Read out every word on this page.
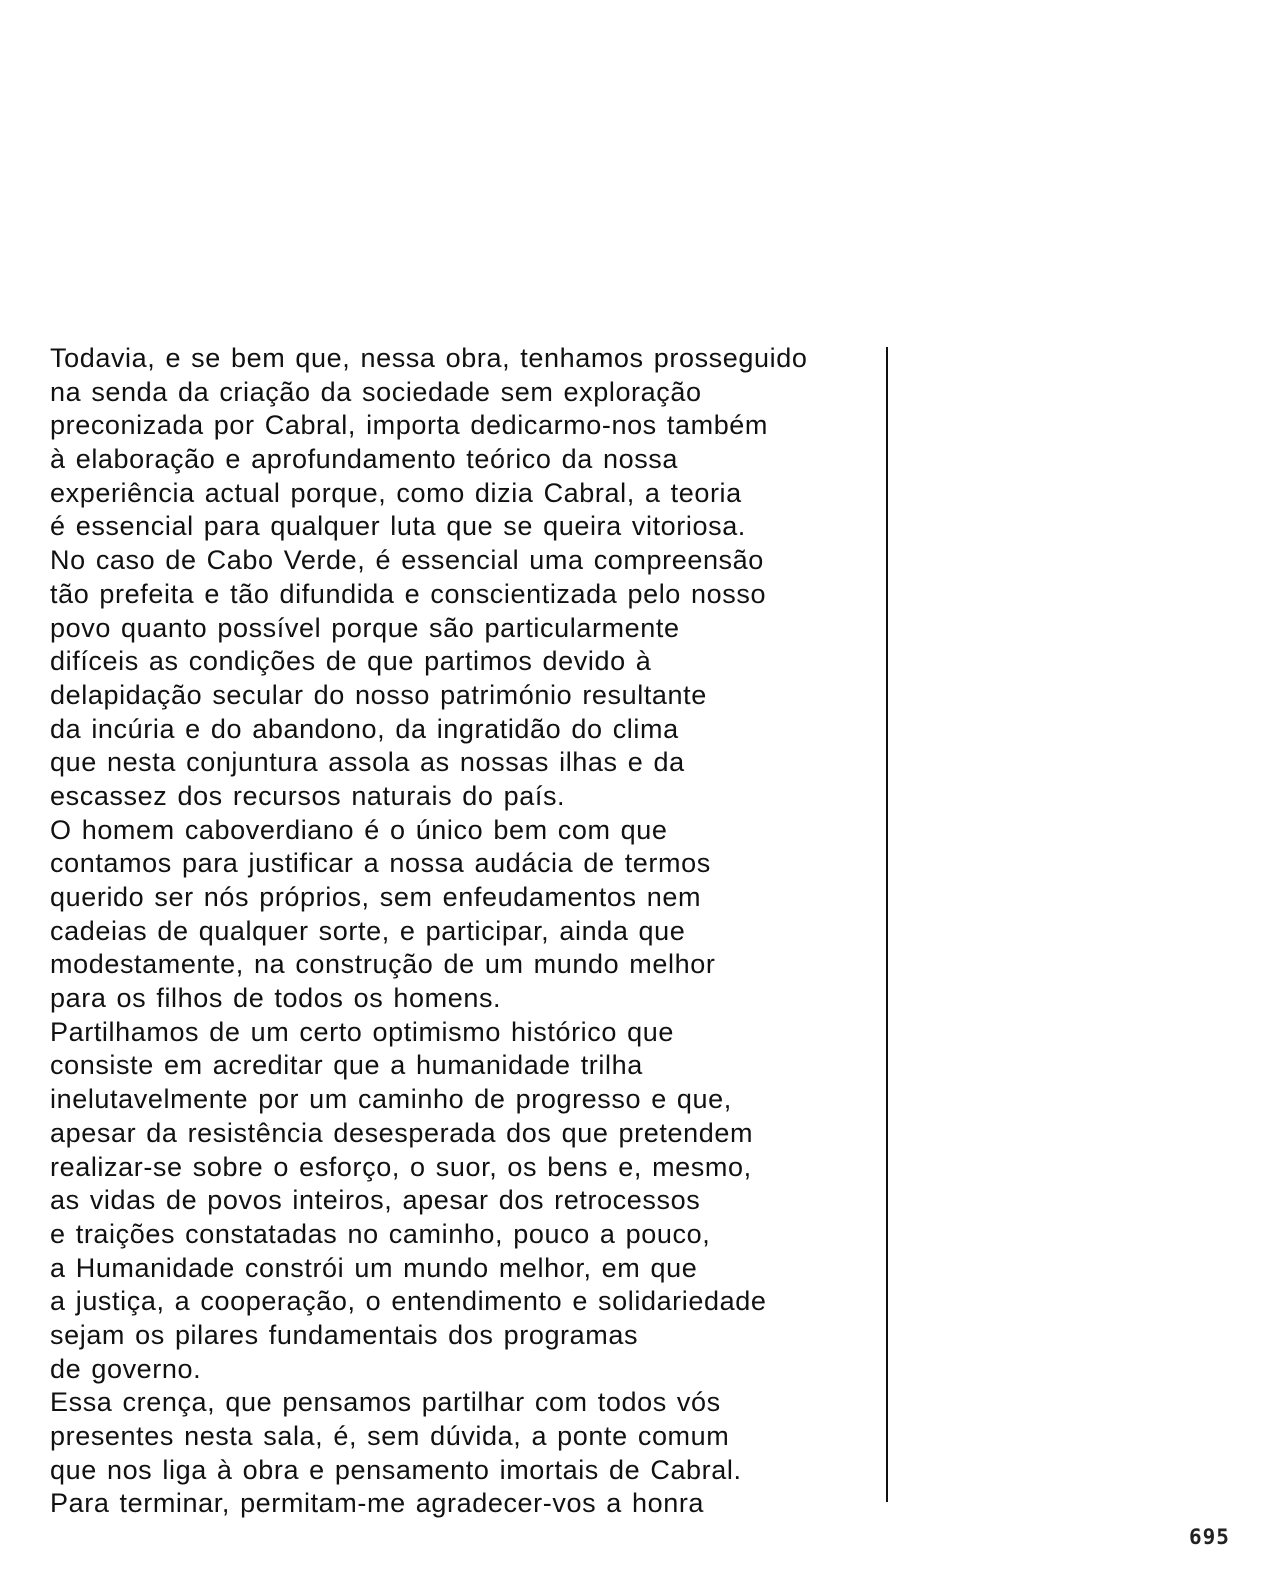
Todavia, e se bem que, nessa obra, tenhamos prosseguido
na senda da criação da sociedade sem exploração
preconizada por Cabral, importa dedicarmo-nos também
à elaboração e aprofundamento teórico da nossa
experiência actual porque, como dizia Cabral, a teoria
é essencial para qualquer luta que se queira vitoriosa.
No caso de Cabo Verde, é essencial uma compreensão
tão prefeita e tão difundida e conscientizada pelo nosso
povo quanto possível porque são particularmente
difíceis as condições de que partimos devido à
delapidação secular do nosso património resultante
da incúria e do abandono, da ingratidão do clima
que nesta conjuntura assola as nossas ilhas e da
escassez dos recursos naturais do país.
O homem caboverdiano é o único bem com que
contamos para justificar a nossa audácia de termos
querido ser nós próprios, sem enfeudamentos nem
cadeias de qualquer sorte, e participar, ainda que
modestamente, na construção de um mundo melhor
para os filhos de todos os homens.
Partilhamos de um certo optimismo histórico que
consiste em acreditar que a humanidade trilha
inelutavelmente por um caminho de progresso e que,
apesar da resistência desesperada dos que pretendem
realizar-se sobre o esforço, o suor, os bens e, mesmo,
as vidas de povos inteiros, apesar dos retrocessos
e traições constatadas no caminho, pouco a pouco,
a Humanidade constrói um mundo melhor, em que
a justiça, a cooperação, o entendimento e solidariedade
sejam os pilares fundamentais dos programas
de governo.
Essa crença, que pensamos partilhar com todos vós
presentes nesta sala, é, sem dúvida, a ponte comum
que nos liga à obra e pensamento imortais de Cabral.
Para terminar, permitam-me agradecer-vos a honra
695
